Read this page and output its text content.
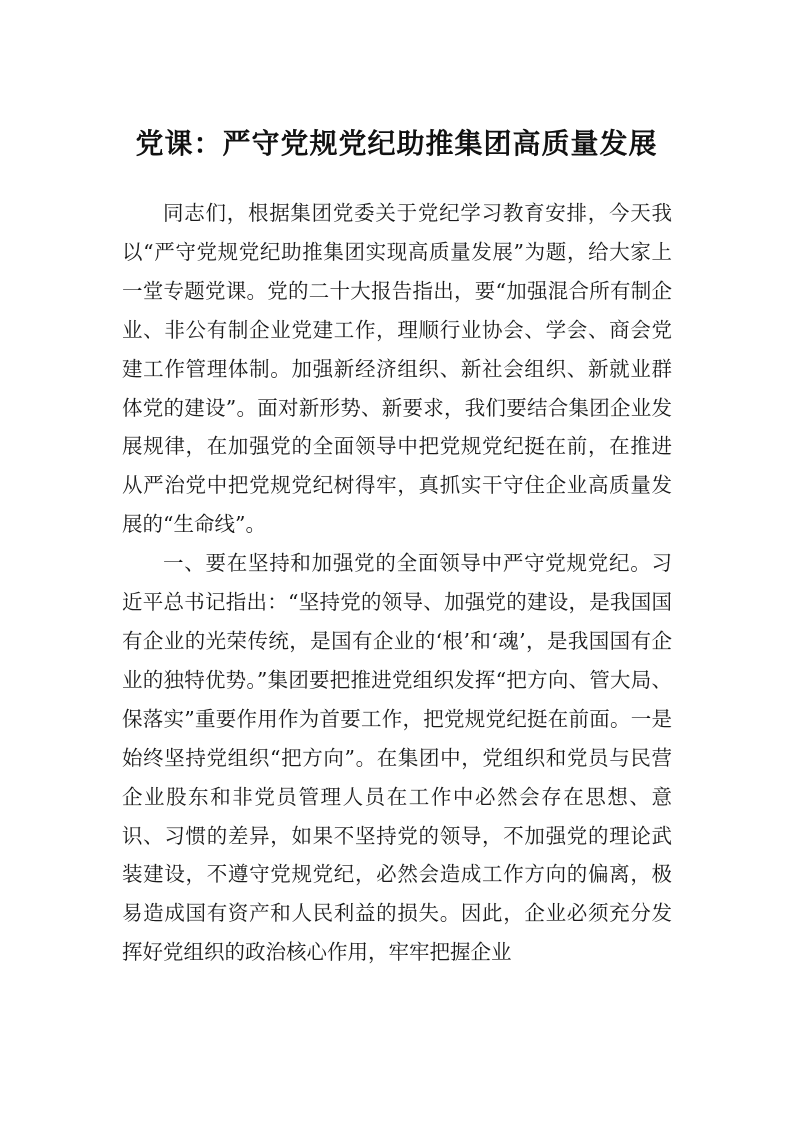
党课：严守党规党纪助推集团高质量发展

同志们，根据集团党委关于党纪学习教育安排，今天我以“严守党规党纪助推集团实现高质量发展”为题，给大家上一堂专题党课。党的二十大报告指出，要“加强混合所有制企业、非公有制企业党建工作，理顺行业协会、学会、商会党建工作管理体制。加强新经济组织、新社会组织、新就业群体党的建设”。面对新形势、新要求，我们要结合集团企业发展规律，在加强党的全面领导中把党规党纪挺在前，在推进从严治党中把党规党纪树得牢，真抓实干守住企业高质量发展的“生命线”。

一、要在坚持和加强党的全面领导中严守党规党纪。习近平总书记指出：“坚持党的领导、加强党的建设，是我国国有企业的光荣传统，是国有企业的‘根’和‘魂’，是我国国有企业的独特优势。”集团要把推进党组织发挥“把方向、管大局、保落实”重要作用作为首要工作，把党规党纪挺在前面。一是始终坚持党组织“把方向”。在集团中，党组织和党员与民营企业股东和非党员管理人员在工作中必然会存在思想、意识、习惯的差异，如果不坚持党的领导，不加强党的理论武装建设，不遵守党规党纪，必然会造成工作方向的偏离，极易造成国有资产和人民利益的损失。因此，企业必须充分发挥好党组织的政治核心作用，牢牢把握企业
